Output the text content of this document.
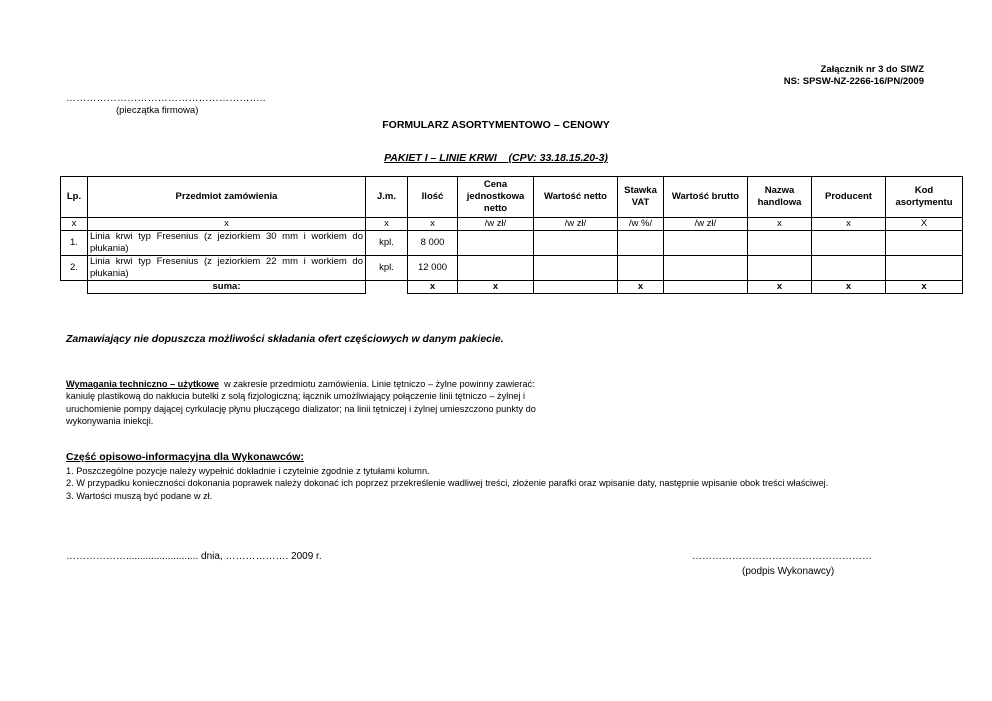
Załącznik nr 3 do SIWZ
NS: SPSW-NZ-2266-16/PN/2009
…………………………………………………..
(pieczątka firmowa)
FORMULARZ ASORTYMENTOWO – CENOWY
PAKIET I – LINIE KRWI    (CPV: 33.18.15.20-3)
Lp.	Przedmiot zamówienia	J.m.	Ilość	Cena jednostkowa netto	Wartość netto	Stawka VAT	Wartość brutto	Nazwa handlowa	Producent	Kod asortymentu
x	x	x	x	/w zł/	/w zł/	/w %/	/w zł/	x	x	X
1.	Linia krwi typ Fresenius (z jeziorkiem 30 mm i workiem do płukania)	kpl.	8 000							
2.	Linia krwi typ Fresenius (z jeziorkiem 22 mm i workiem do płukania)	kpl.	12 000							
	suma:		x	x		x		x	x	x
Zamawiający nie dopuszcza możliwości składania ofert częściowych w danym pakiecie.
Wymagania techniczno – użytkowe w zakresie przedmiotu zamówienia. Linie tętniczo – żylne powinny zawierać:
kaniulę plastikową do nakłucia butelki z solą fizjologiczną; łącznik umożliwiający połączenie linii tętniczo – żylnej i
uruchomienie pompy dającej cyrkulację płynu płuczącego dializator; na linii tętniczej i żylnej umieszczono punkty do
wykonywania iniekcji.
Część opisowo-informacyjna dla Wykonawców:
1. Poszczególne pozycje należy wypełnić dokładnie i czytelnie zgodnie z tytułami kolumn.
2. W przypadku konieczności dokonania poprawek należy dokonać ich poprzez przekreślenie wadliwej treści, złożenie parafki oraz wpisanie daty, następnie wpisanie obok treści właściwej.
3. Wartości muszą być podane w zł.
……………….......................... dnia, ………………. 2009 r.	………………………………………………
(podpis Wykonawcy)
